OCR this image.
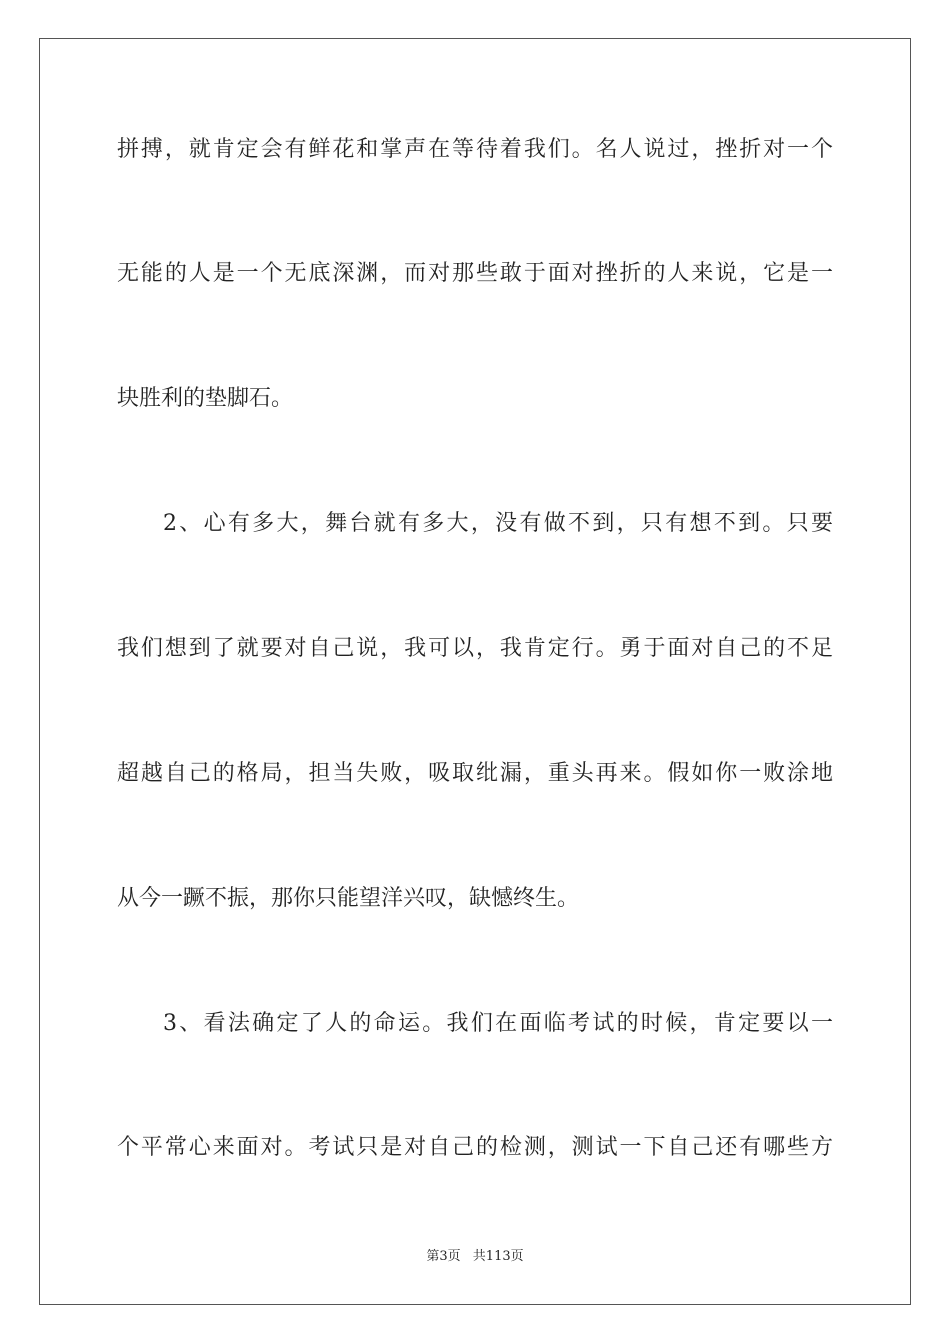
拼搏，就肯定会有鲜花和掌声在等待着我们。名人说过，挫折对一个
无能的人是一个无底深渊，而对那些敢于面对挫折的人来说，它是一
块胜利的垫脚石。
2、心有多大，舞台就有多大，没有做不到，只有想不到。只要
我们想到了就要对自己说，我可以，我肯定行。勇于面对自己的不足
超越自己的格局，担当失败，吸取纰漏，重头再来。假如你一败涂地
从今一蹶不振，那你只能望洋兴叹，缺憾终生。
3、看法确定了人的命运。我们在面临考试的时候，肯定要以一
个平常心来面对。考试只是对自己的检测，测试一下自己还有哪些方
第3页 共113页
